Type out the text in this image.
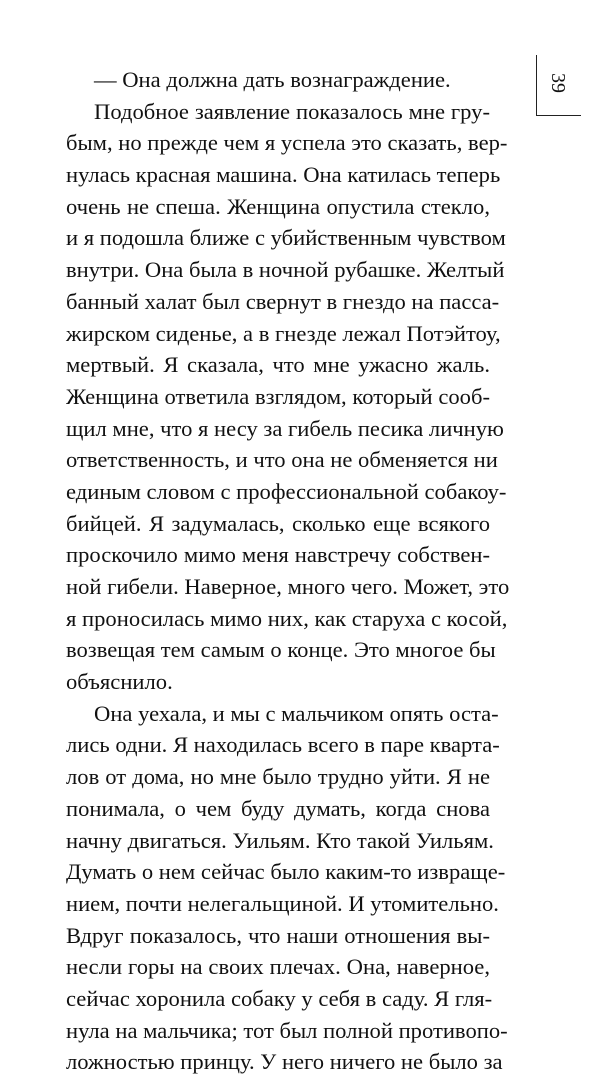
39
— Она должна дать вознаграждение.
Подобное заявление показалось мне гру-
бым, но прежде чем я успела это сказать, вер-
нулась красная машина. Она катилась теперь
очень не спеша. Женщина опустила стекло,
и я подошла ближе с убийственным чувством
внутри. Она была в ночной рубашке. Желтый
банный халат был свернут в гнездо на пасса-
жирском сиденье, а в гнезде лежал Потэйтоу,
мертвый. Я сказала, что мне ужасно жаль.
Женщина ответила взглядом, который сооб-
щил мне, что я несу за гибель песика личную
ответственность, и что она не обменяется ни
единым словом с профессиональной собакоу-
бийцей. Я задумалась, сколько еще всякого
проскочило мимо меня навстречу собствен-
ной гибели. Наверное, много чего. Может, это
я проносилась мимо них, как старуха с косой,
возвещая тем самым о конце. Это многое бы
объяснило.
Она уехала, и мы с мальчиком опять оста-
лись одни. Я находилась всего в паре кварта-
лов от дома, но мне было трудно уйти. Я не
понимала, о чем буду думать, когда снова
начну двигаться. Уильям. Кто такой Уильям.
Думать о нем сейчас было каким-то извраще-
нием, почти нелегальщиной. И утомительно.
Вдруг показалось, что наши отношения вы-
несли горы на своих плечах. Она, наверное,
сейчас хоронила собаку у себя в саду. Я гля-
нула на мальчика; тот был полной противопо-
ложностью принцу. У него ничего не было за
